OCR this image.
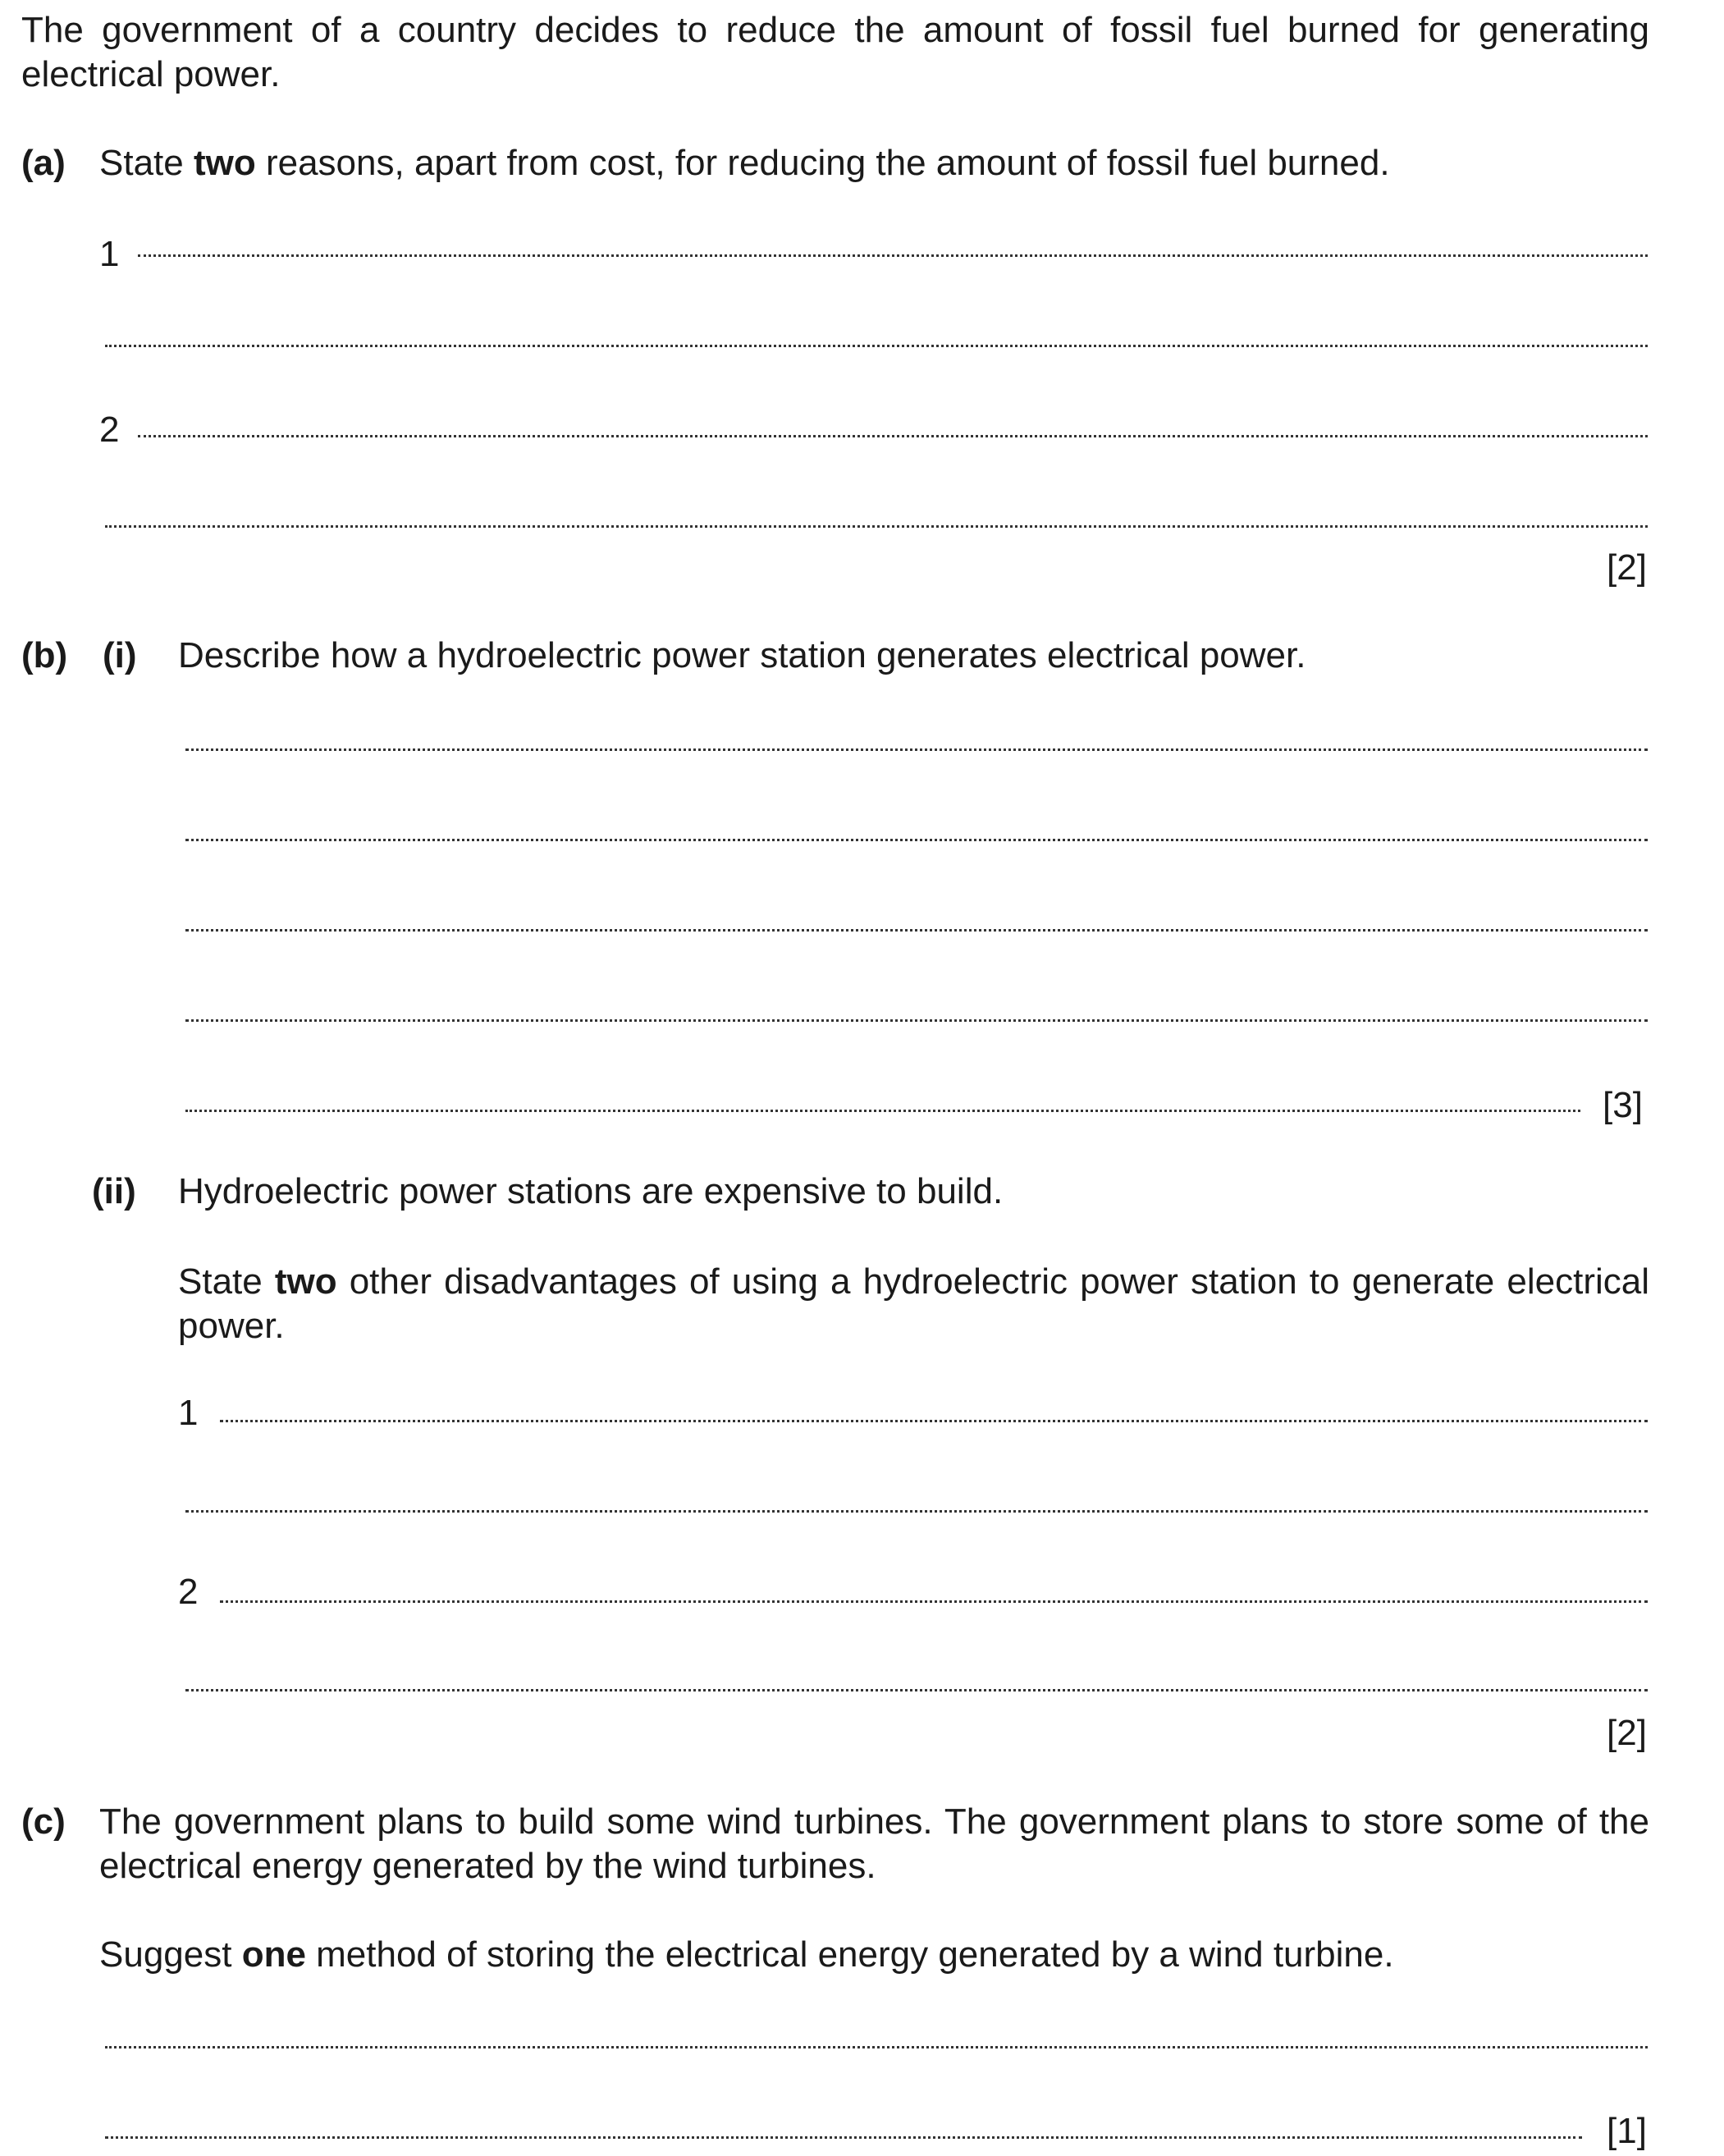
The government of a country decides to reduce the amount of fossil fuel burned for generating electrical power.
(a) State two reasons, apart from cost, for reducing the amount of fossil fuel burned.
1
2
[2]
(b) (i) Describe how a hydroelectric power station generates electrical power.
[3]
(ii) Hydroelectric power stations are expensive to build.
State two other disadvantages of using a hydroelectric power station to generate electrical power.
1
2
[2]
(c) The government plans to build some wind turbines. The government plans to store some of the electrical energy generated by the wind turbines.
Suggest one method of storing the electrical energy generated by a wind turbine.
[1]
